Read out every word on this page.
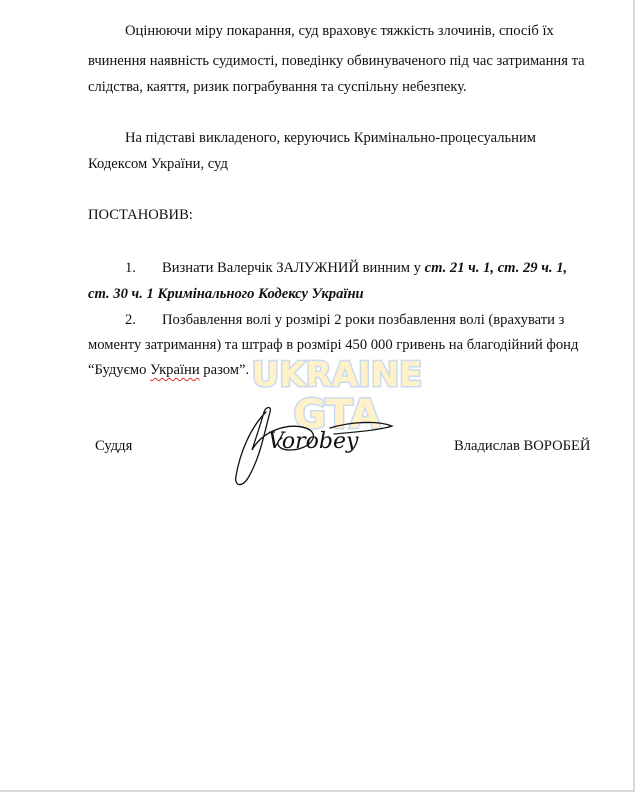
Оцінюючи міру покарання, суд враховує тяжкість злочинів, спосіб їх
вчинення наявність судимості, поведінку обвинуваченого під час затримання та
слідства, каяття, ризик пограбування та суспільну небезпеку.
На підставі викладеного, керуючись Кримінально-процесуальним
Кодексом України, суд
ПОСТАНОВИВ:
1. Визнати Валерчік ЗАЛУЖНИЙ винним у ст. 21 ч. 1, ст. 29 ч. 1,
ст. 30 ч. 1 Кримінального Кодексу України
2. Позбавлення волі у розмірі 2 роки позбавлення волі (врахувати з
моменту затримання) та штраф в розмірі 450 000 гривень на благодійний фонд
“Будуємо України разом”. UKRAINE
GTA
Суддя	Vorobey	Владислав ВОРОБЕЙ
